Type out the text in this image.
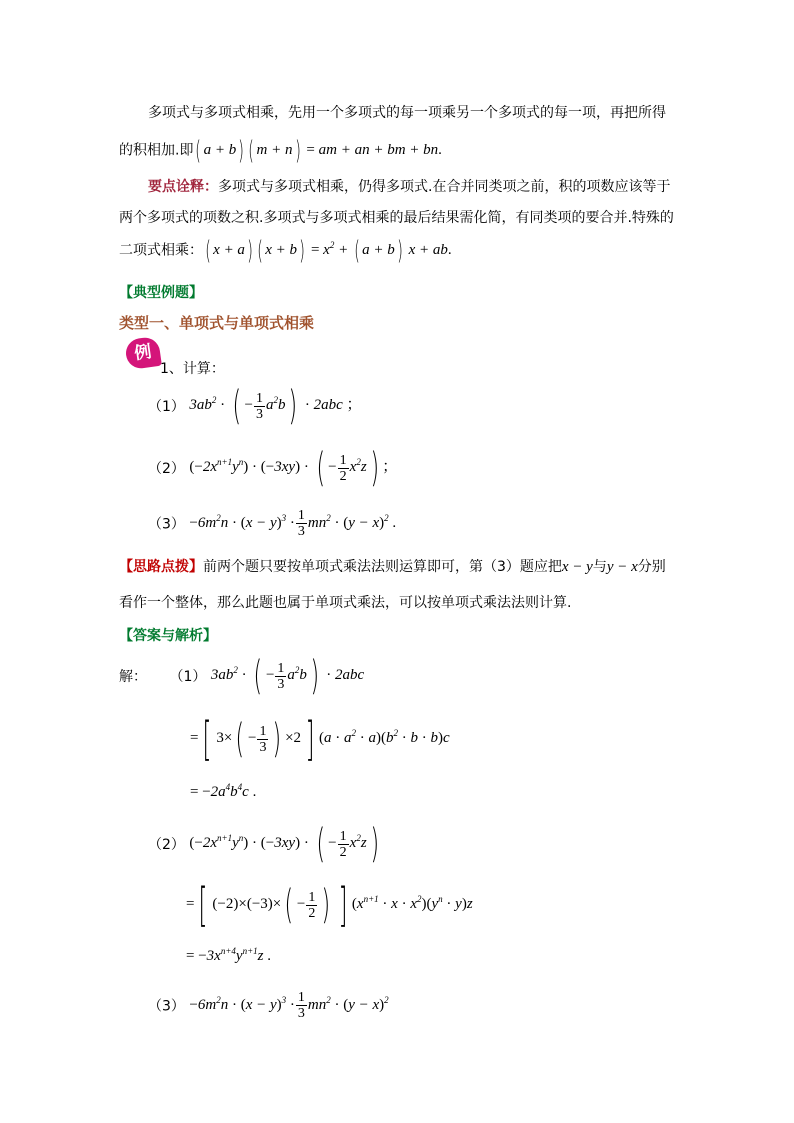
多项式与多项式相乘，先用一个多项式的每一项乘另一个多项式的每一项，再把所得
的积相加.即( a + b) ( m + n) = am + an + bm + bn.
要点诠释：多项式与多项式相乘，仍得多项式.在合并同类项之前，积的项数应该等于
两个多项式的项数之积.多项式与多项式相乘的最后结果需化简，有同类项的要合并.特殊的
二项式相乘：( x + a) ( $x + b) = x^2$ + ( a + b) x + ab.
【典型例题】
类型一、单项式与单项式相乘
例
1、计算：
（1） $3ab^2$ · ( − $\frac{1}{3} a^2b) \cdot 2abc$ ；
（2） $(-2x^{n+1}y^n) \cdot (-3xy)$ · ( − $\frac{1}{2} x^2z$) ；
$(3) -6m^2n \cdot (x - y)^3 \cdot \frac{1}{3} mn^2 \cdot (y - x)^2$ .
【思路点拨】前两个题只要按单项式乘法法则运算即可，第（3）题应把x − y与y − x分别
看作一个整体，那么此题也属于单项式乘法，可以按单项式乘法法则计算.
【答案与解析】
解： （1） $3ab^2$ · ( − $\frac{1}{3} a^2b) \cdot 2abc$
=[ $3\times( - \frac{1}{3}$ ) ×2] $(a \cdot a^2 \cdot a)(b^2 \cdot b \cdot b)c$
= $-2a^4b^4c$ .
（2） $(-2x^{n+1}y^n) \cdot (-3xy)$ · ( − $\frac{1}{2} x^2z$)
=[ $(-2)\times(-3)\times( - \frac{1}{2}$ ) ] $(x^{n+1} \cdot x \cdot x^2)(y^n \cdot y)z$
= $-3x^{n+4}y^{n+1}z$ .
$(3) -6m^2n \cdot (x - y)^3 \cdot \frac{1}{3} mn^2 \cdot (y - x)^2$
